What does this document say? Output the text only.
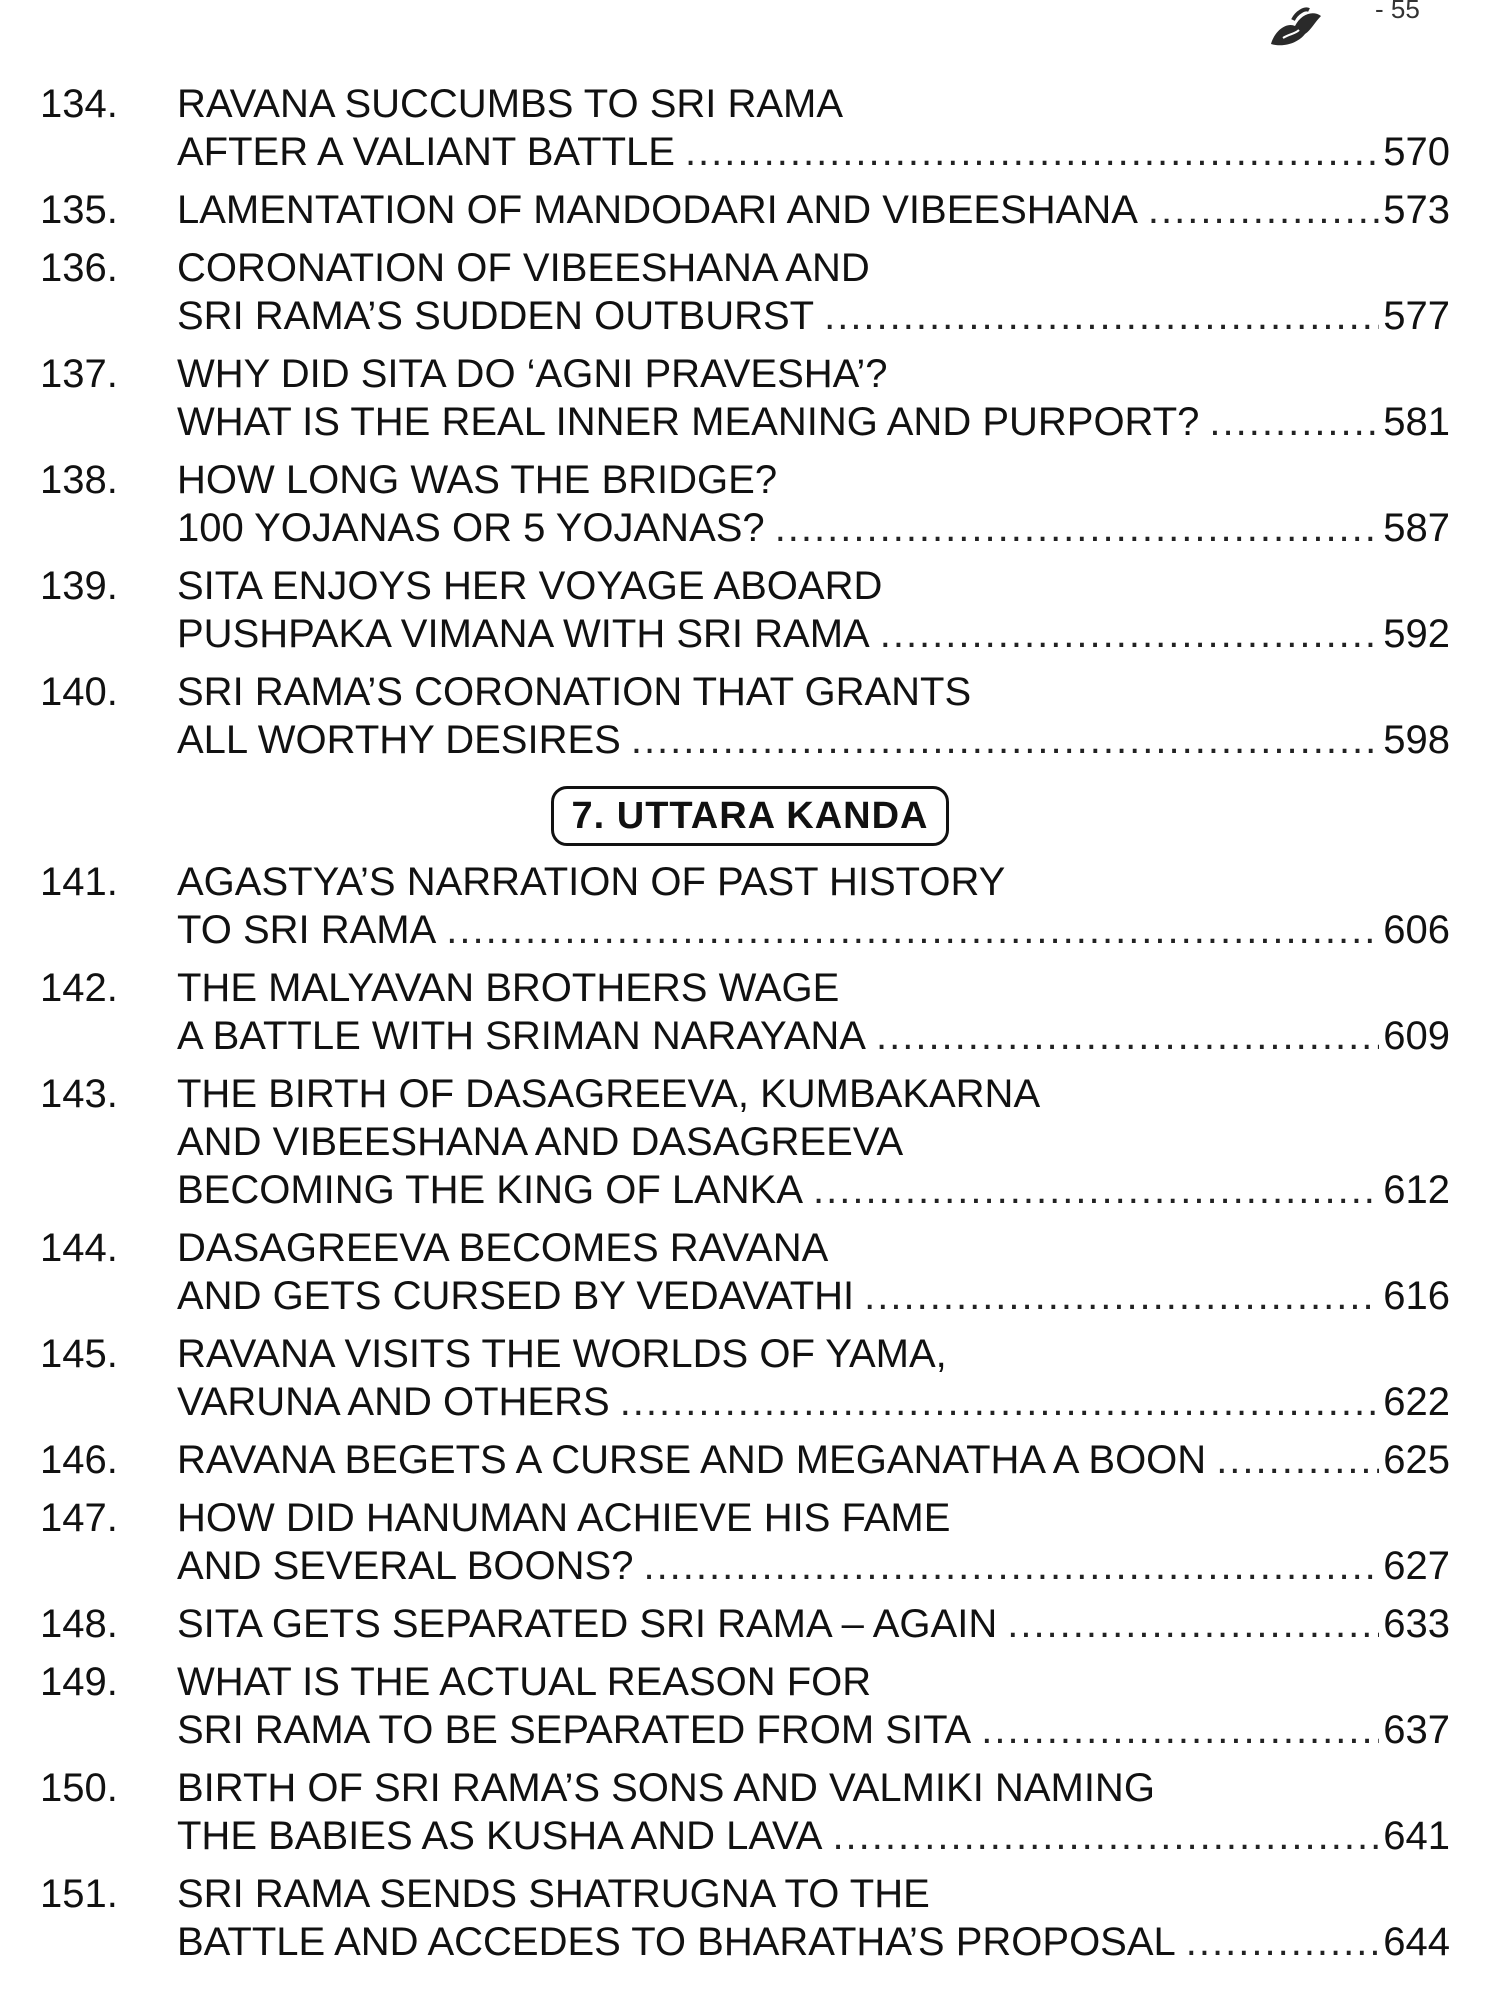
- 55
134.	RAVANA SUCCUMBS TO SRI RAMA
AFTER A VALIANT BATTLE .....	570
135.	LAMENTATION OF MANDODARI AND VIBEESHANA .....	573
136.	CORONATION OF VIBEESHANA AND
SRI RAMA’S SUDDEN OUTBURST .....	577
137.	WHY DID SITA DO ‘AGNI PRAVESHA’?
WHAT IS THE REAL INNER MEANING AND PURPORT? .....	581
138.	HOW LONG WAS THE BRIDGE?
100 YOJANAS OR 5 YOJANAS? .....	587
139.	SITA ENJOYS HER VOYAGE ABOARD
PUSHPAKA VIMANA WITH SRI RAMA .....	592
140.	SRI RAMA’S CORONATION THAT GRANTS
ALL WORTHY DESIRES .....	598
7. UTTARA KANDA
141.	AGASTYA’S NARRATION OF PAST HISTORY
TO SRI RAMA .....	606
142.	THE MALYAVAN BROTHERS WAGE
A BATTLE WITH SRIMAN NARAYANA .....	609
143.	THE BIRTH OF DASAGREEVA, KUMBAKARNA
AND VIBEESHANA AND DASAGREEVA
BECOMING THE KING OF LANKA .....	612
144.	DASAGREEVA BECOMES RAVANA
AND GETS CURSED BY VEDAVATHI .....	616
145.	RAVANA VISITS THE WORLDS OF YAMA,
VARUNA AND OTHERS .....	622
146.	RAVANA BEGETS A CURSE AND MEGANATHA A BOON .....	625
147.	HOW DID HANUMAN ACHIEVE HIS FAME
AND SEVERAL BOONS? .....	627
148.	SITA GETS SEPARATED SRI RAMA – AGAIN .....	633
149.	WHAT IS THE ACTUAL REASON FOR
SRI RAMA TO BE SEPARATED FROM SITA .....	637
150.	BIRTH OF SRI RAMA’S SONS AND VALMIKI NAMING
THE BABIES AS KUSHA AND LAVA .....	641
151.	SRI RAMA SENDS SHATRUGNA TO THE
BATTLE AND ACCEDES TO BHARATHA’S PROPOSAL .....	644
